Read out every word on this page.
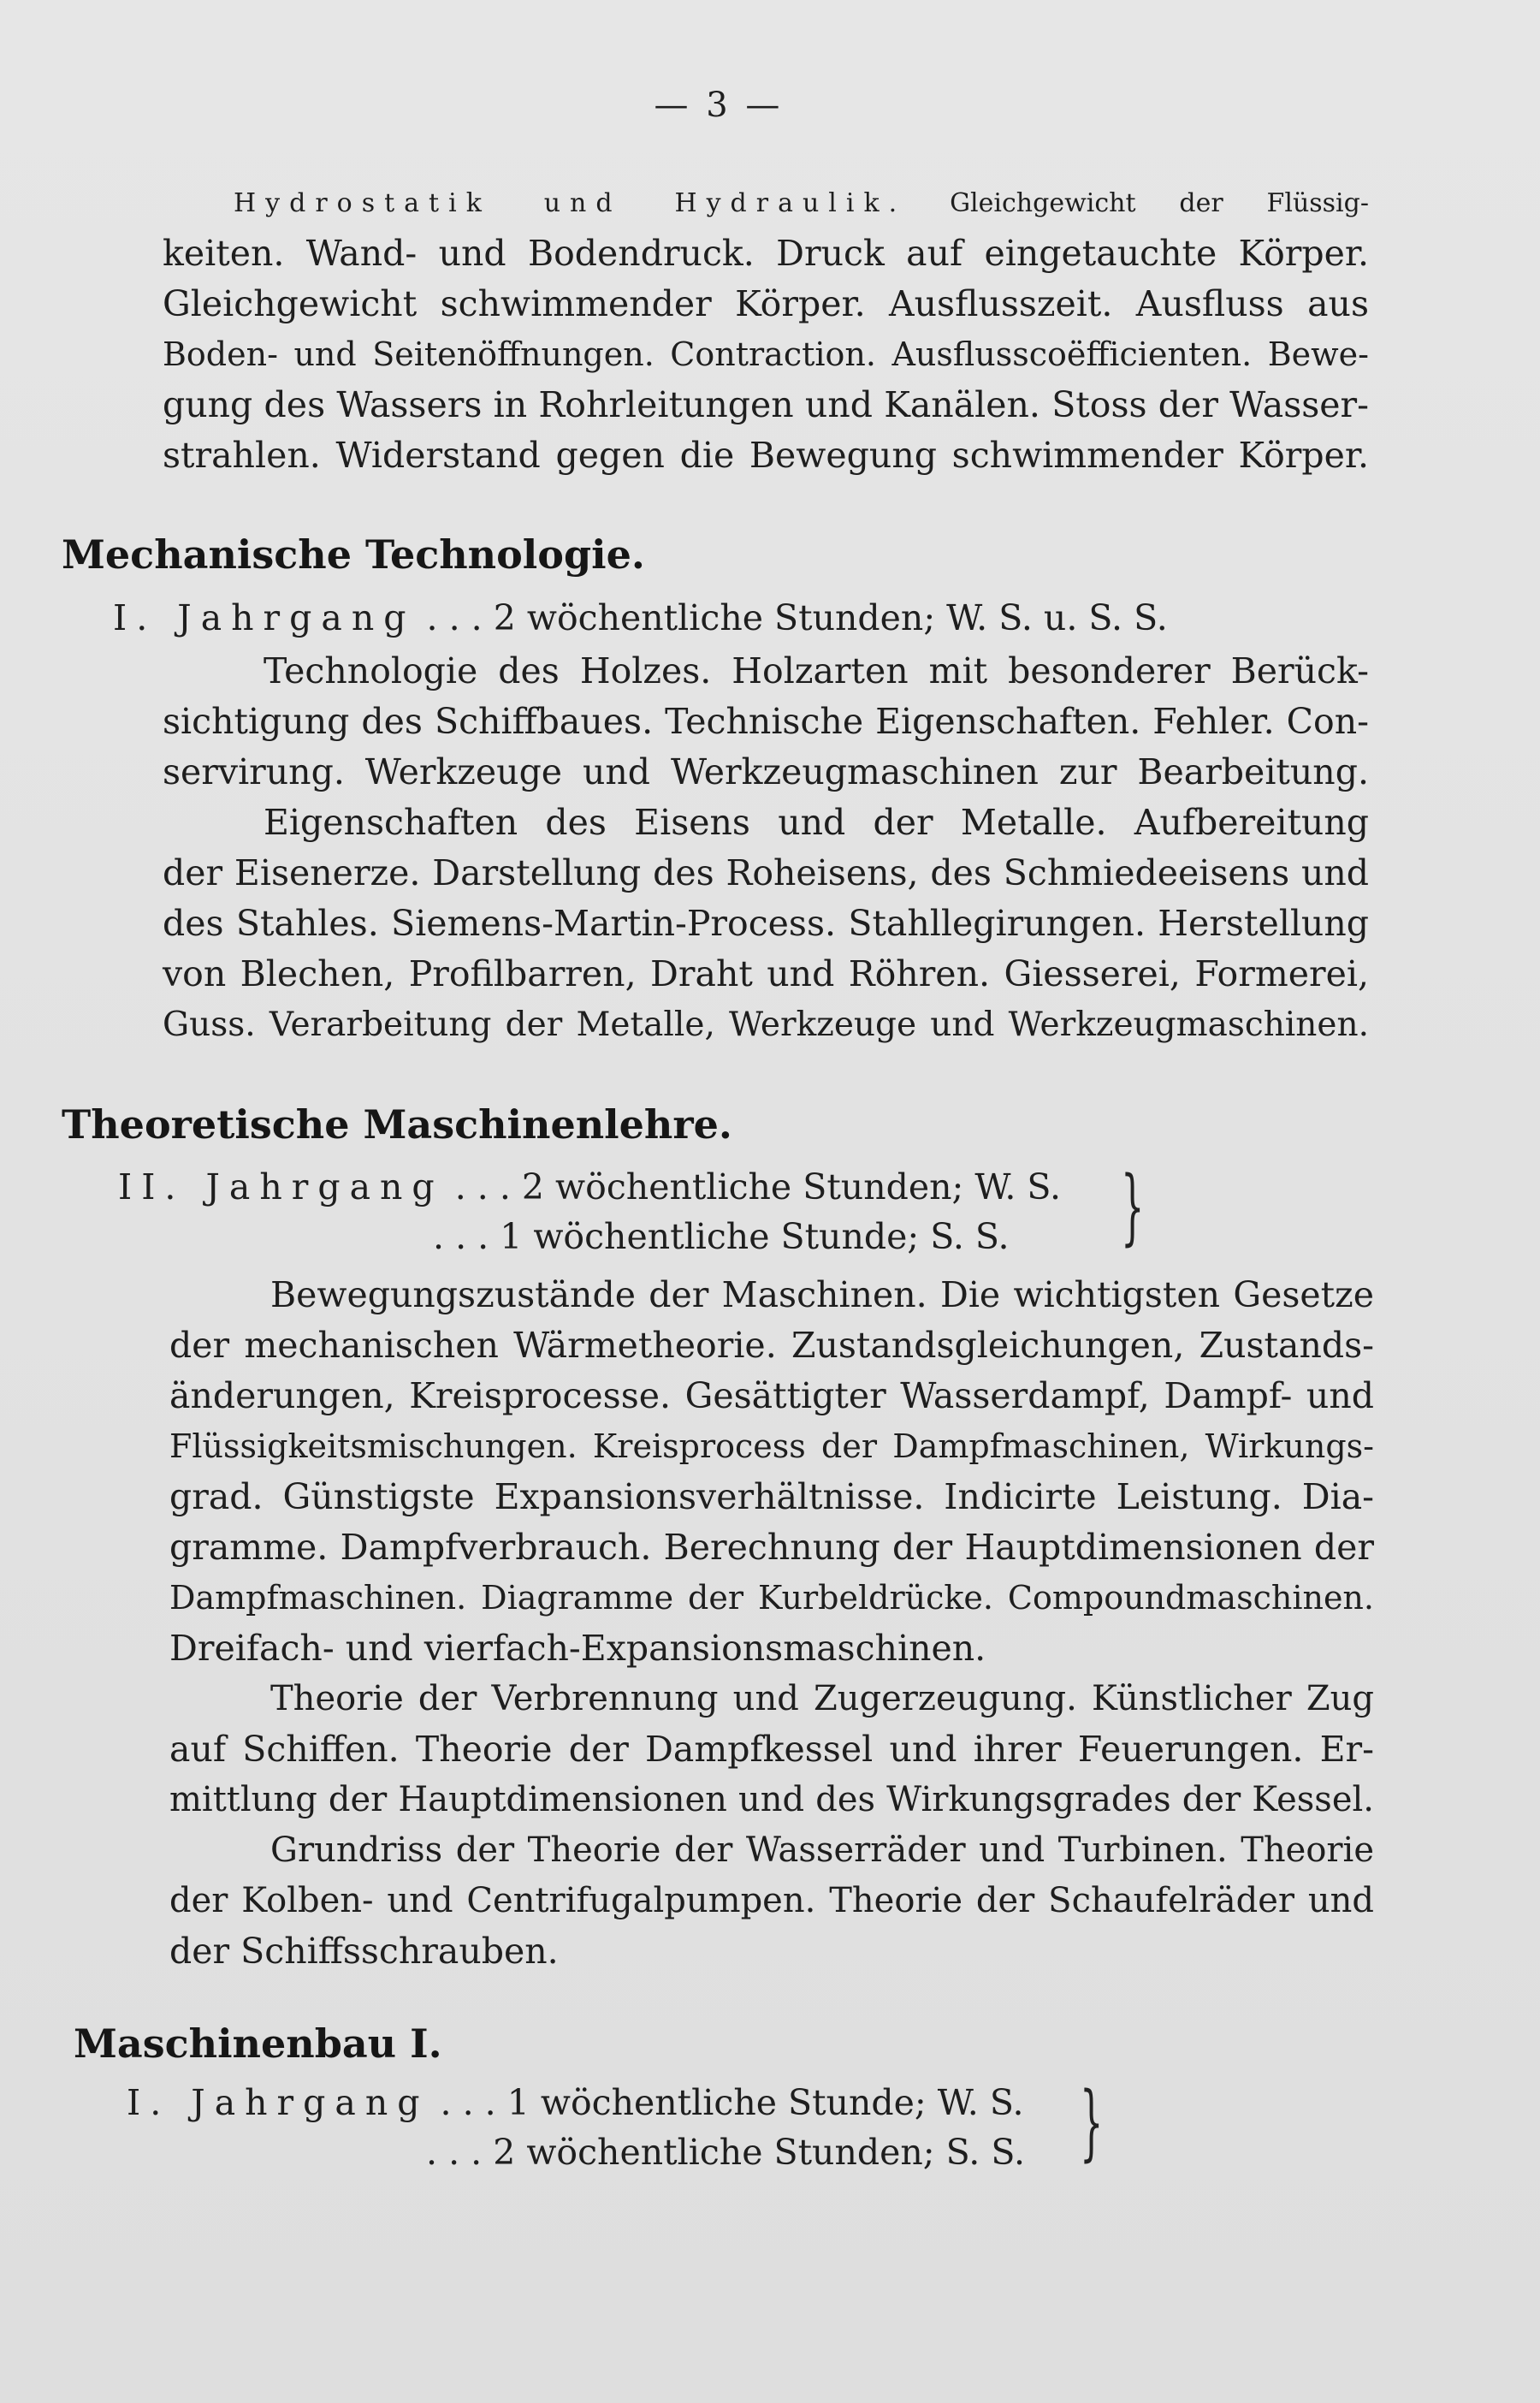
— 3 —
Hydrostatik und Hydraulik. Gleichgewicht der Flüssig-
keiten. Wand- und Bodendruck. Druck auf eingetauchte Körper.
Gleichgewicht schwimmender Körper. Ausflusszeit. Ausfluss aus
Boden- und Seitenöffnungen. Contraction. Ausflusscoëfficienten. Bewe-
gung des Wassers in Rohrleitungen und Kanälen. Stoss der Wasser-
strahlen. Widerstand gegen die Bewegung schwimmender Körper.
Mechanische Technologie.
I. Jahrgang . . . 2 wöchentliche Stunden; W. S. u. S. S.
Technologie des Holzes. Holzarten mit besonderer Berück-
sichtigung des Schiffbaues. Technische Eigenschaften. Fehler. Con-
servirung. Werkzeuge und Werkzeugmaschinen zur Bearbeitung.
Eigenschaften des Eisens und der Metalle. Aufbereitung
der Eisenerze. Darstellung des Roheisens, des Schmiedeeisens und
des Stahles. Siemens-Martin-Process. Stahllegirungen. Herstellung
von Blechen, Profilbarren, Draht und Röhren. Giesserei, Formerei,
Guss. Verarbeitung der Metalle, Werkzeuge und Werkzeugmaschinen.
Theoretische Maschinenlehre.
II. Jahrgang . . . 2 wöchentliche Stunden; W. S.
. . . 1 wöchentliche Stunde; S. S. }
Bewegungszustände der Maschinen. Die wichtigsten Gesetze
der mechanischen Wärmetheorie. Zustandsgleichungen, Zustands-
änderungen, Kreisprocesse. Gesättigter Wasserdampf, Dampf- und
Flüssigkeitsmischungen. Kreisprocess der Dampfmaschinen, Wirkungs-
grad. Günstigste Expansionsverhältnisse. Indicirte Leistung. Dia-
gramme. Dampfverbrauch. Berechnung der Hauptdimensionen der
Dampfmaschinen. Diagramme der Kurbeldrücke. Compoundmaschinen.
Dreifach- und vierfach-Expansionsmaschinen.
Theorie der Verbrennung und Zugerzeugung. Künstlicher Zug
auf Schiffen. Theorie der Dampfkessel und ihrer Feuerungen. Er-
mittlung der Hauptdimensionen und des Wirkungsgrades der Kessel.
Grundriss der Theorie der Wasserräder und Turbinen. Theorie
der Kolben- und Centrifugalpumpen. Theorie der Schaufelräder und
der Schiffsschrauben.
Maschinenbau I.
I. Jahrgang . . . 1 wöchentliche Stunde; W. S.
. . . 2 wöchentliche Stunden; S. S. }
